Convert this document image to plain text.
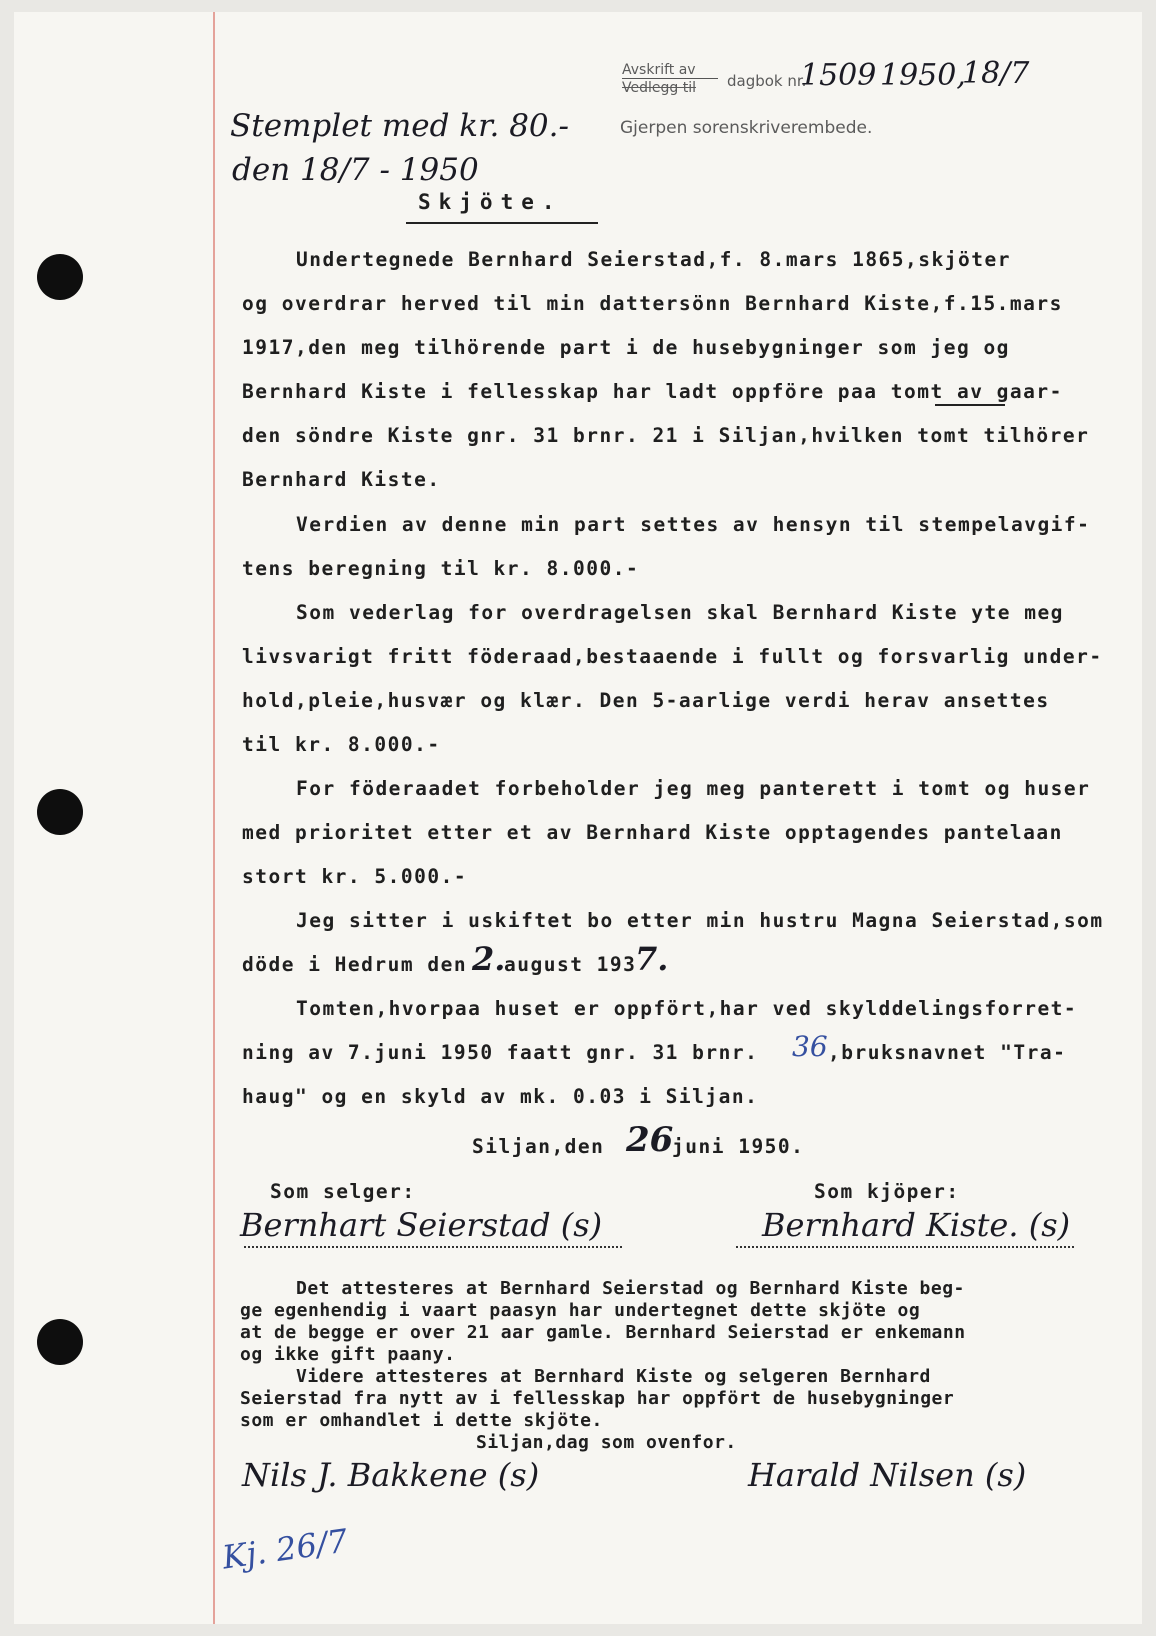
Avskrift av
Vedlegg til dagbok nr.
1509 1950,
18/7
Gjerpen sorenskriverembede.
Stemplet med kr. 80.-
den 18/7 - 1950
Skjöte.
Undertegnede Bernhard Seierstad,f. 8.mars 1865,skjöter
og overdrar herved til min dattersönn Bernhard Kiste,f.15.mars
1917,den meg tilhörende part i de husebygninger som jeg og
Bernhard Kiste i fellesskap har ladt oppföre paa tomt av gaar-
den söndre Kiste gnr. 31 brnr. 21 i Siljan,hvilken tomt tilhörer
Bernhard Kiste.
Verdien av denne min part settes av hensyn til stempelavgif-
tens beregning til kr. 8.000.-
Som vederlag for overdragelsen skal Bernhard Kiste yte meg
livsvarigt fritt föderaad,bestaaende i fullt og forsvarlig under-
hold,pleie,husvær og klær. Den 5-aarlige verdi herav ansettes
til kr. 8.000.-
For föderaadet forbeholder jeg meg panterett i tomt og huser
med prioritet etter et av Bernhard Kiste opptagendes pantelaan
stort kr. 5.000.-
Jeg sitter i uskiftet bo etter min hustru Magna Seierstad,som
döde i Hedrum den 2.
august 193
7.
Tomten,hvorpaa huset er oppfört,har ved skylddelingsforret-
ning av 7.juni 1950 faatt gnr. 31 brnr. 36 ,bruksnavnet "Tra-
haug" og en skyld av mk. 0.03 i Siljan.
Siljan,den 26
juni 1950.
Som selger:	Som kjöper:
Bernhart Seierstad (s)	Bernhard Kiste. (s)
Det attesteres at Bernhard Seierstad og Bernhard Kiste beg-
ge egenhendig i vaart paasyn har undertegnet dette skjöte og
at de begge er over 21 aar gamle. Bernhard Seierstad er enkemann
og ikke gift paany.
Videre attesteres at Bernhard Kiste og selgeren Bernhard
Seierstad fra nytt av i fellesskap har oppfört de husebygninger
som er omhandlet i dette skjöte.
Siljan,dag som ovenfor.
Nils J. Bakkene (s)	Harald Nilsen (s)
Kj. 26/7
